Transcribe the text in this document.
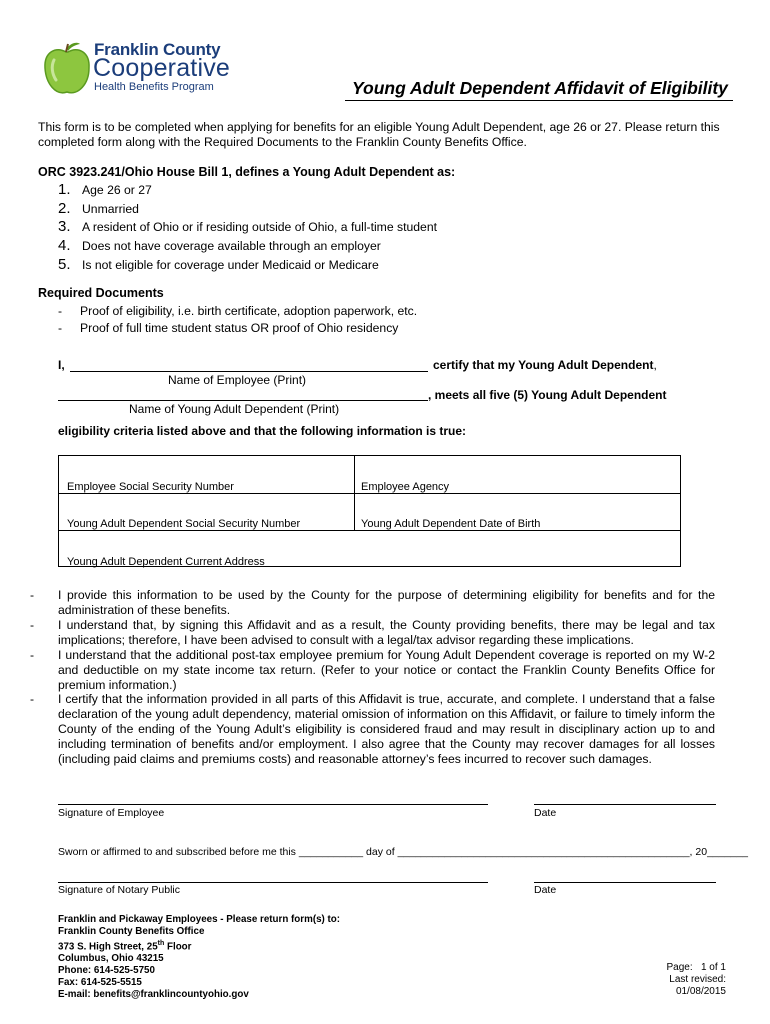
Franklin County
Cooperative
Health Benefits Program	Young Adult Dependent Affidavit of Eligibility
This form is to be completed when applying for benefits for an eligible Young Adult Dependent, age 26 or 27. Please return this completed form along with the Required Documents to the Franklin County Benefits Office.
ORC 3923.241/Ohio House Bill 1, defines a Young Adult Dependent as:
1. Age 26 or 27
2. Unmarried
3. A resident of Ohio or if residing outside of Ohio, a full-time student
4. Does not have coverage available through an employer
5. Is not eligible for coverage under Medicaid or Medicare
Required Documents
- Proof of eligibility, i.e. birth certificate, adoption paperwork, etc.
- Proof of full time student status OR proof of Ohio residency
I,	certify that my Young Adult Dependent,
Name of Employee (Print)
, meets all five (5) Young Adult Dependent
Name of Young Adult Dependent (Print)
eligibility criteria listed above and that the following information is true:
Employee Social Security Number	Employee Agency
Young Adult Dependent Social Security Number	Young Adult Dependent Date of Birth
Young Adult Dependent Current Address
- I provide this information to be used by the County for the purpose of determining eligibility for benefits and for the administration of these benefits.
- I understand that, by signing this Affidavit and as a result, the County providing benefits, there may be legal and tax implications; therefore, I have been advised to consult with a legal/tax advisor regarding these implications.
- I understand that the additional post-tax employee premium for Young Adult Dependent coverage is reported on my W-2 and deductible on my state income tax return. (Refer to your notice or contact the Franklin County Benefits Office for premium information.)
- I certify that the information provided in all parts of this Affidavit is true, accurate, and complete. I understand that a false declaration of the young adult dependency, material omission of information on this Affidavit, or failure to timely inform the County of the ending of the Young Adult’s eligibility is considered fraud and may result in disciplinary action up to and including termination of benefits and/or employment. I also agree that the County may recover damages for all losses (including paid claims and premiums costs) and reasonable attorney’s fees incurred to recover such damages.
Signature of Employee	Date
Sworn or affirmed to and subscribed before me this ___________ day of __________________________________________________, 20_______
Signature of Notary Public	Date
Franklin and Pickaway Employees - Please return form(s) to:
Franklin County Benefits Office
373 S. High Street, 25th Floor
Columbus, Ohio 43215
Phone: 614-525-5750
Fax: 614-525-5515
E-mail: benefits@franklincountyohio.gov
Page: 1 of 1
Last revised: 01/08/2015
